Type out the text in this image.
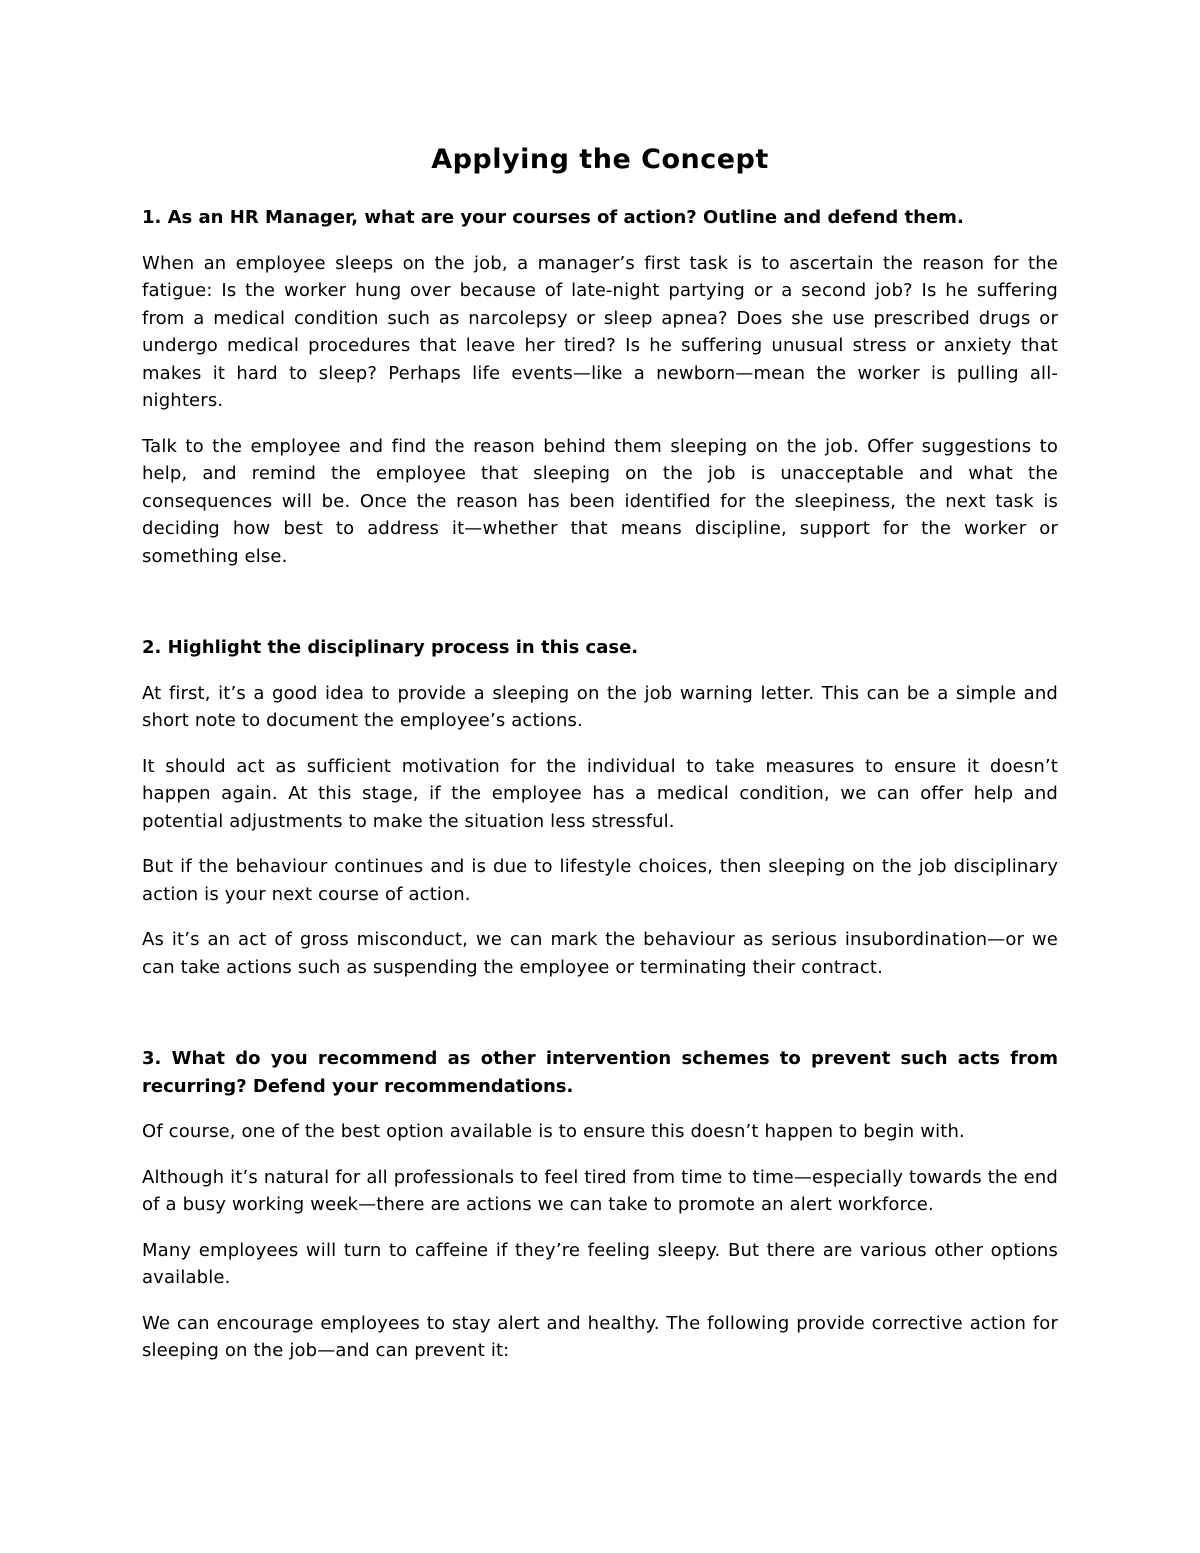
Applying the Concept

1. As an HR Manager, what are your courses of action? Outline and defend them.

When an employee sleeps on the job, a manager’s first task is to ascertain the reason for the fatigue: Is the worker hung over because of late-night partying or a second job? Is he suffering from a medical condition such as narcolepsy or sleep apnea? Does she use prescribed drugs or undergo medical procedures that leave her tired? Is he suffering unusual stress or anxiety that makes it hard to sleep? Perhaps life events—like a newborn—mean the worker is pulling all-nighters.

Talk to the employee and find the reason behind them sleeping on the job. Offer suggestions to help, and remind the employee that sleeping on the job is unacceptable and what the consequences will be. Once the reason has been identified for the sleepiness, the next task is deciding how best to address it—whether that means discipline, support for the worker or something else.

2. Highlight the disciplinary process in this case.

At first, it’s a good idea to provide a sleeping on the job warning letter. This can be a simple and short note to document the employee’s actions.

It should act as sufficient motivation for the individual to take measures to ensure it doesn’t happen again. At this stage, if the employee has a medical condition, we can offer help and potential adjustments to make the situation less stressful.

But if the behaviour continues and is due to lifestyle choices, then sleeping on the job disciplinary action is your next course of action.

As it’s an act of gross misconduct, we can mark the behaviour as serious insubordination—or we can take actions such as suspending the employee or terminating their contract.

3. What do you recommend as other intervention schemes to prevent such acts from recurring? Defend your recommendations.

Of course, one of the best option available is to ensure this doesn’t happen to begin with.

Although it’s natural for all professionals to feel tired from time to time—especially towards the end of a busy working week—there are actions we can take to promote an alert workforce.

Many employees will turn to caffeine if they’re feeling sleepy. But there are various other options available.

We can encourage employees to stay alert and healthy. The following provide corrective action for sleeping on the job—and can prevent it:
